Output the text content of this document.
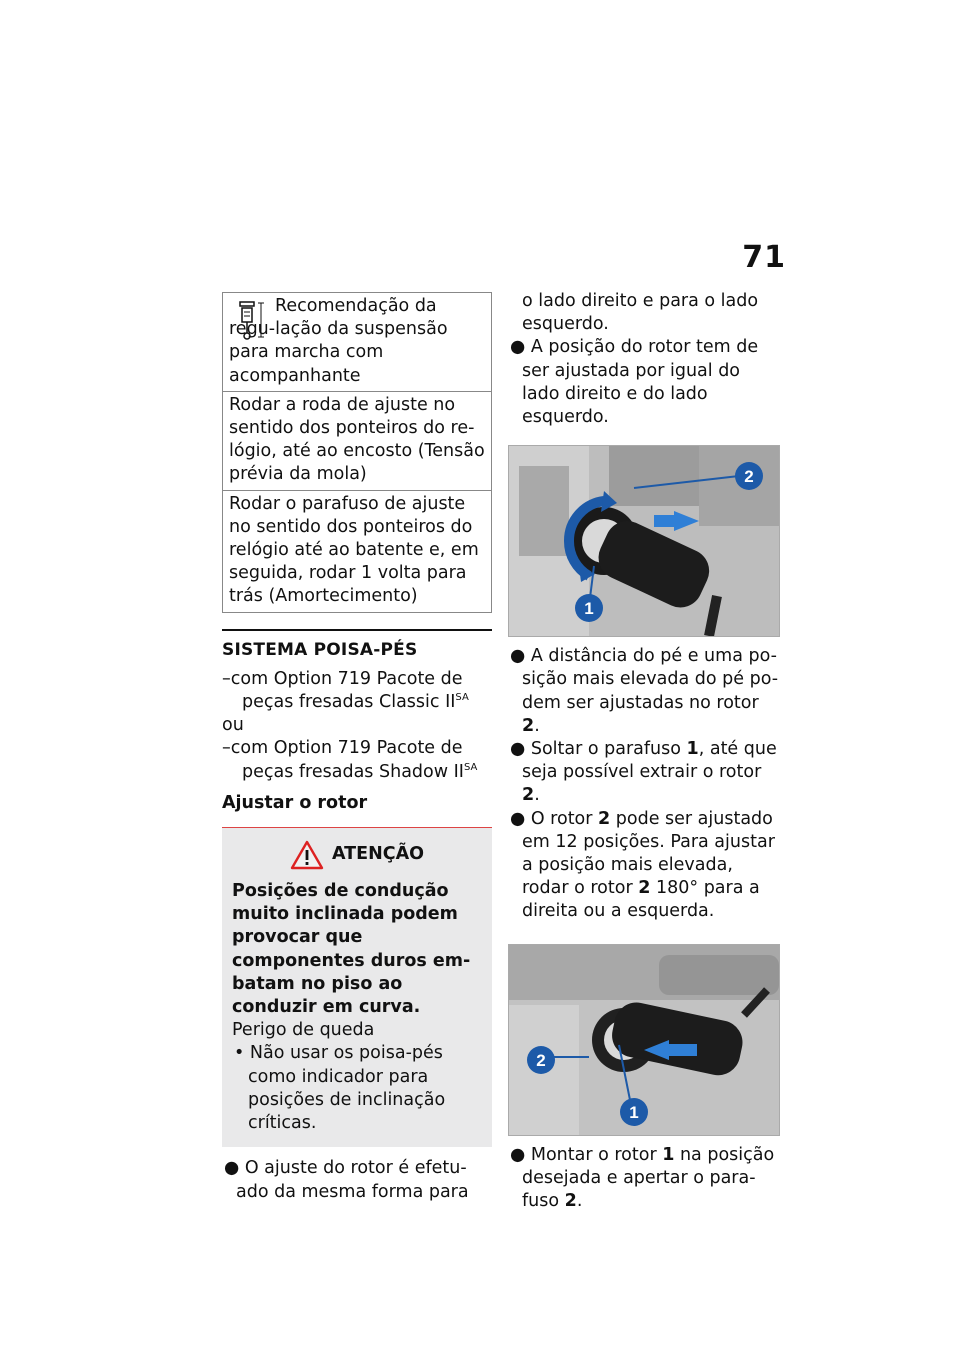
71
Recomendação da regu-lação da suspensão para marcha com acompanhante
Rodar a roda de ajuste no sentido dos ponteiros do re-lógio, até ao encosto (Tensão prévia da mola)
Rodar o parafuso de ajuste no sentido dos ponteiros do relógio até ao batente e, em seguida, rodar 1 volta para trás (Amortecimento)
SISTEMA POISA-PÉS
–com Option 719 Pacote de peças fresadas Classic $II^{SA}$
ou
–com Option 719 Pacote de peças fresadas Shadow $II^{SA}$
Ajustar o rotor
ATENÇÃO
Posições de condução muito inclinada podem provocar que componentes duros em-batam no piso ao conduzir em curva.
Perigo de queda
• Não usar os poisa-pés como indicador para posições de inclinação críticas.
● O ajuste do rotor é efetu-ado da mesma forma para
o lado direito e para o lado esquerdo.
● A posição do rotor tem de ser ajustada por igual do lado direito e do lado esquerdo.
2
1
● A distância do pé e uma po-sição mais elevada do pé po-dem ser ajustadas no rotor 2.
● Soltar o parafuso 1, até que seja possível extrair o rotor 2.
● O rotor 2 pode ser ajustado em 12 posições. Para ajustar a posição mais elevada, rodar o rotor 2 180° para a direita ou a esquerda.
2
1
● Montar o rotor 1 na posição desejada e apertar o para-fuso 2.
